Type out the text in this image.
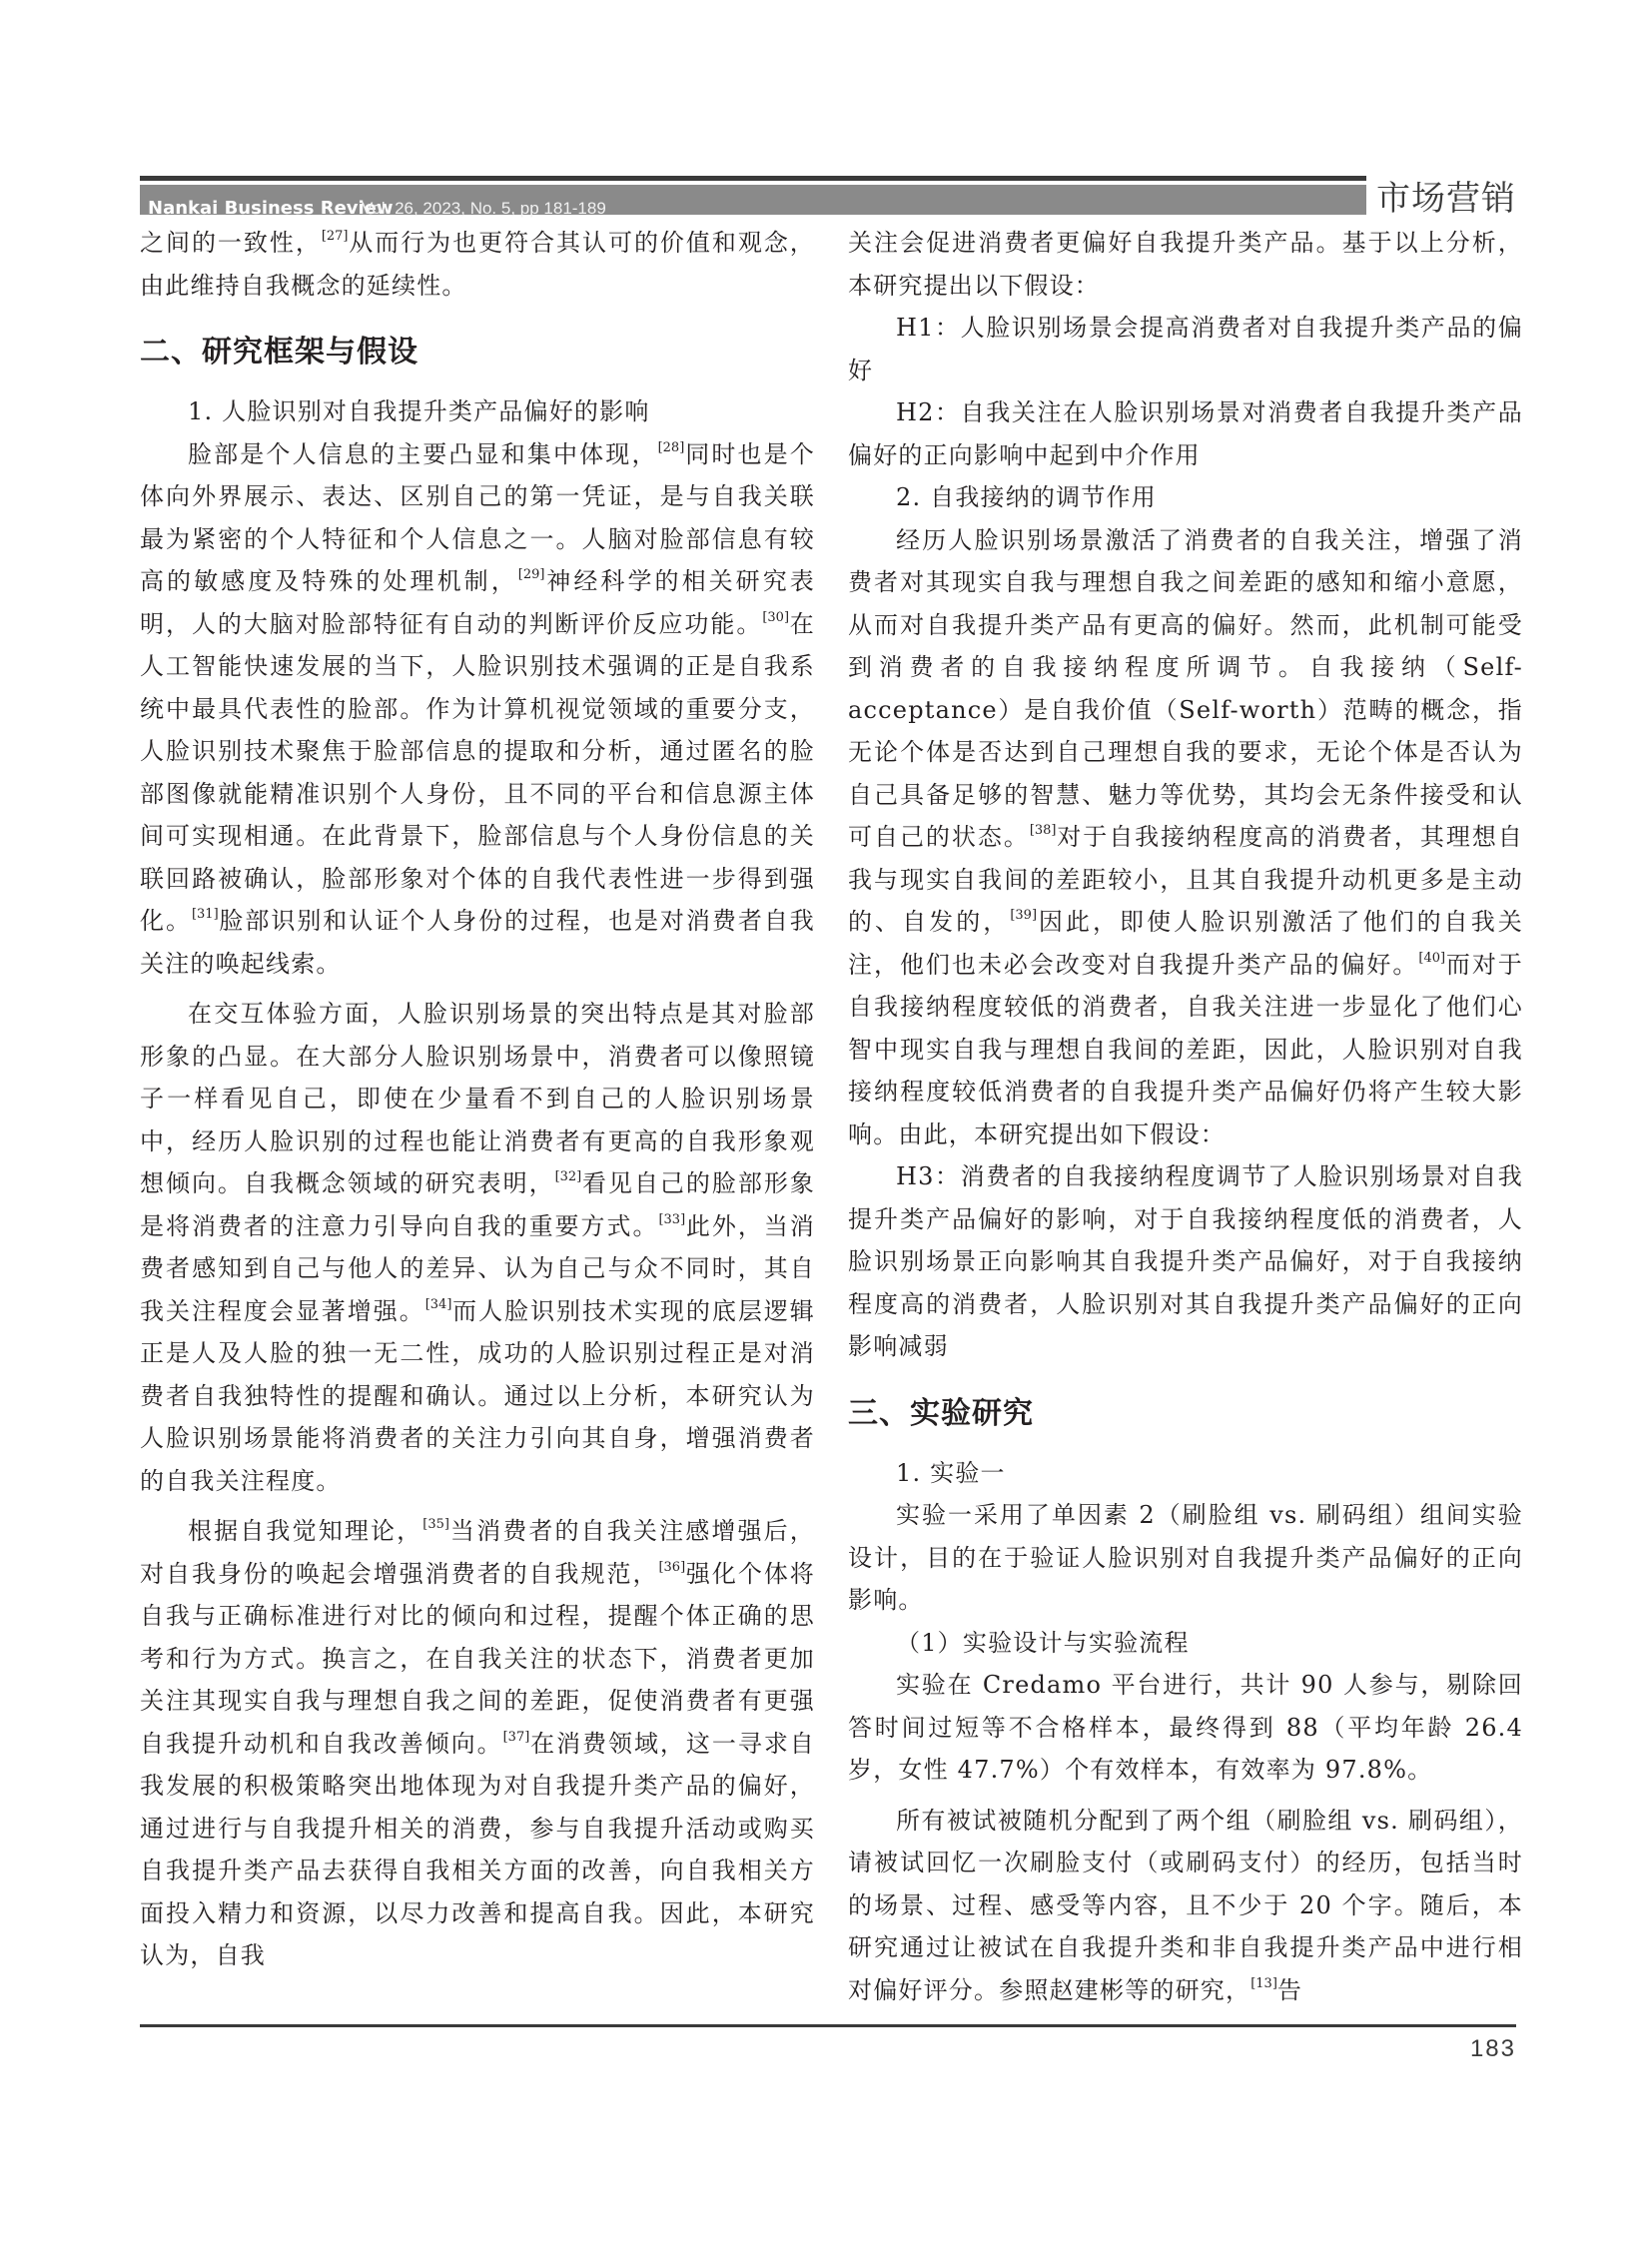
Nankai Business Review
Vol. 26, 2023, No. 5, pp 181-189	市场营销

之间的一致性，[27]从而行为也更符合其认可的价值和观念，由此维持自我概念的延续性。

二、研究框架与假设

1. 人脸识别对自我提升类产品偏好的影响

脸部是个人信息的主要凸显和集中体现，[28]同时也是个体向外界展示、表达、区别自己的第一凭证，是与自我关联最为紧密的个人特征和个人信息之一。人脑对脸部信息有较高的敏感度及特殊的处理机制，[29]神经科学的相关研究表明，人的大脑对脸部特征有自动的判断评价反应功能。[30]在人工智能快速发展的当下，人脸识别技术强调的正是自我系统中最具代表性的脸部。作为计算机视觉领域的重要分支，人脸识别技术聚焦于脸部信息的提取和分析，通过匿名的脸部图像就能精准识别个人身份，且不同的平台和信息源主体间可实现相通。在此背景下，脸部信息与个人身份信息的关联回路被确认，脸部形象对个体的自我代表性进一步得到强化。[31]脸部识别和认证个人身份的过程，也是对消费者自我关注的唤起线索。

在交互体验方面，人脸识别场景的突出特点是其对脸部形象的凸显。在大部分人脸识别场景中，消费者可以像照镜子一样看见自己，即使在少量看不到自己的人脸识别场景中，经历人脸识别的过程也能让消费者有更高的自我形象观想倾向。自我概念领域的研究表明，[32]看见自己的脸部形象是将消费者的注意力引导向自我的重要方式。[33]此外，当消费者感知到自己与他人的差异、认为自己与众不同时，其自我关注程度会显著增强。[34]而人脸识别技术实现的底层逻辑正是人及人脸的独一无二性，成功的人脸识别过程正是对消费者自我独特性的提醒和确认。通过以上分析，本研究认为人脸识别场景能将消费者的关注力引向其自身，增强消费者的自我关注程度。

根据自我觉知理论，[35]当消费者的自我关注感增强后，对自我身份的唤起会增强消费者的自我规范，[36]强化个体将自我与正确标准进行对比的倾向和过程，提醒个体正确的思考和行为方式。换言之，在自我关注的状态下，消费者更加关注其现实自我与理想自我之间的差距，促使消费者有更强自我提升动机和自我改善倾向。[37]在消费领域，这一寻求自我发展的积极策略突出地体现为对自我提升类产品的偏好，通过进行与自我提升相关的消费，参与自我提升活动或购买自我提升类产品去获得自我相关方面的改善，向自我相关方面投入精力和资源，以尽力改善和提高自我。因此，本研究认为，自我

关注会促进消费者更偏好自我提升类产品。基于以上分析，本研究提出以下假设：

H1：人脸识别场景会提高消费者对自我提升类产品的偏好

H2：自我关注在人脸识别场景对消费者自我提升类产品偏好的正向影响中起到中介作用

2. 自我接纳的调节作用

经历人脸识别场景激活了消费者的自我关注，增强了消费者对其现实自我与理想自我之间差距的感知和缩小意愿，从而对自我提升类产品有更高的偏好。然而，此机制可能受到消费者的自我接纳程度所调节。自我接纳（Self-acceptance）是自我价值（Self-worth）范畴的概念，指无论个体是否达到自己理想自我的要求，无论个体是否认为自己具备足够的智慧、魅力等优势，其均会无条件接受和认可自己的状态。[38]对于自我接纳程度高的消费者，其理想自我与现实自我间的差距较小，且其自我提升动机更多是主动的、自发的，[39]因此，即使人脸识别激活了他们的自我关注，他们也未必会改变对自我提升类产品的偏好。[40]而对于自我接纳程度较低的消费者，自我关注进一步显化了他们心智中现实自我与理想自我间的差距，因此，人脸识别对自我接纳程度较低消费者的自我提升类产品偏好仍将产生较大影响。由此，本研究提出如下假设：

H3：消费者的自我接纳程度调节了人脸识别场景对自我提升类产品偏好的影响，对于自我接纳程度低的消费者，人脸识别场景正向影响其自我提升类产品偏好，对于自我接纳程度高的消费者，人脸识别对其自我提升类产品偏好的正向影响减弱

三、实验研究

1. 实验一

实验一采用了单因素 2（刷脸组 vs. 刷码组）组间实验设计，目的在于验证人脸识别对自我提升类产品偏好的正向影响。

（1）实验设计与实验流程

实验在 Credamo 平台进行，共计 90 人参与，剔除回答时间过短等不合格样本，最终得到 88（平均年龄 26.4 岁，女性 47.7%）个有效样本，有效率为 97.8%。

所有被试被随机分配到了两个组（刷脸组 vs. 刷码组），请被试回忆一次刷脸支付（或刷码支付）的经历，包括当时的场景、过程、感受等内容，且不少于 20 个字。随后，本研究通过让被试在自我提升类和非自我提升类产品中进行相对偏好评分。参照赵建彬等的研究，[13]告

183
